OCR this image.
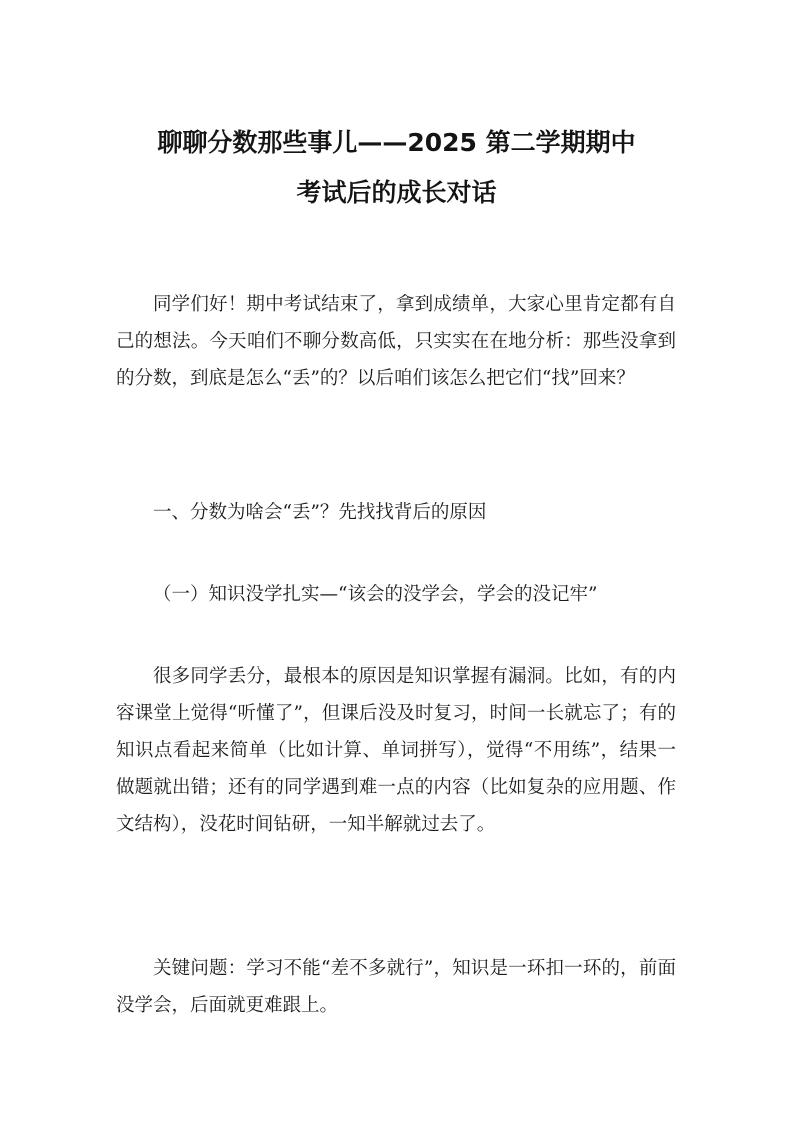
聊聊分数那些事儿——2025 第二学期期中
考试后的成长对话

同学们好！期中考试结束了，拿到成绩单，大家心里肯定都有自己的想法。今天咱们不聊分数高低，只实实在在地分析：那些没拿到的分数，到底是怎么“丢”的？以后咱们该怎么把它们“找”回来？

一、分数为啥会“丢”？先找找背后的原因

（一）知识没学扎实—“该会的没学会，学会的没记牢”

很多同学丢分，最根本的原因是知识掌握有漏洞。比如，有的内容课堂上觉得“听懂了”，但课后没及时复习，时间一长就忘了；有的知识点看起来简单（比如计算、单词拼写），觉得“不用练”，结果一做题就出错；还有的同学遇到难一点的内容（比如复杂的应用题、作文结构），没花时间钻研，一知半解就过去了。

关键问题：学习不能“差不多就行”，知识是一环扣一环的，前面没学会，后面就更难跟上。
